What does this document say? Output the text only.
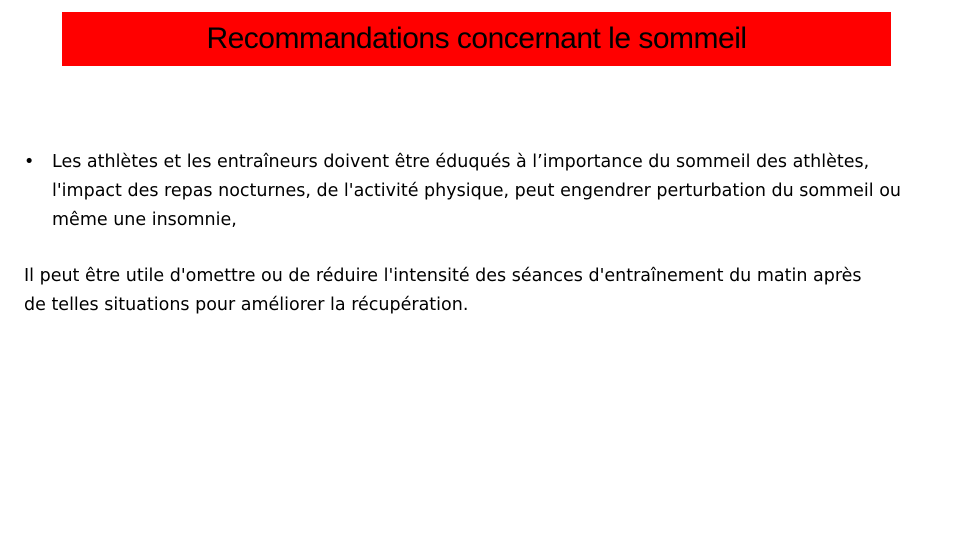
Recommandations concernant le sommeil
•	Les athlètes et les entraîneurs doivent être éduqués à l’importance du sommeil des athlètes, l'impact des repas nocturnes, de l'activité physique, peut engendrer perturbation du sommeil ou même une insomnie,
Il peut être utile d'omettre ou de réduire l'intensité des séances d'entraînement du matin après de telles situations pour améliorer la récupération.
